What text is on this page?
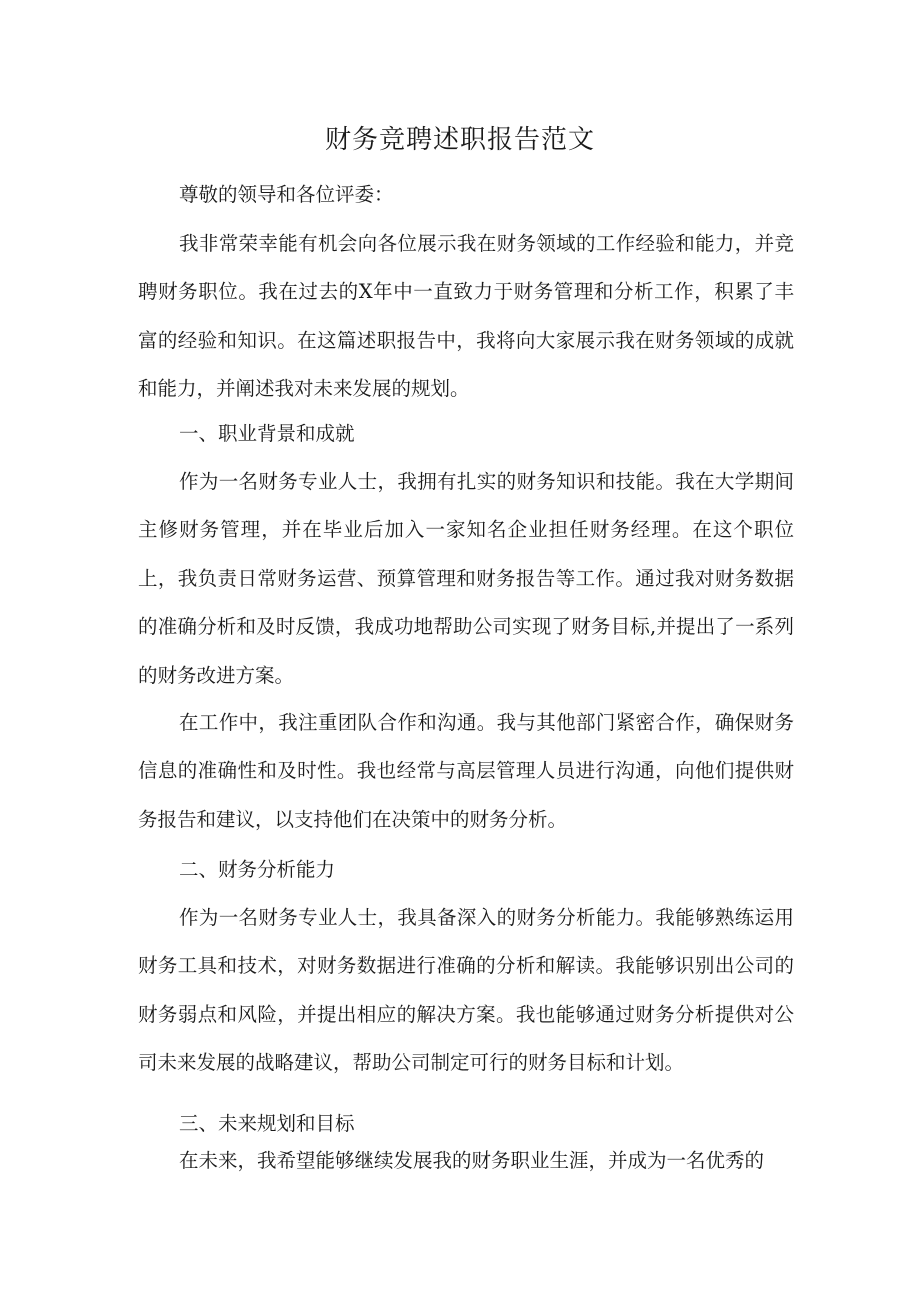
财务竞聘述职报告范文

尊敬的领导和各位评委：

我非常荣幸能有机会向各位展示我在财务领域的工作经验和能力，并竞聘财务职位。我在过去的X年中一直致力于财务管理和分析工作，积累了丰富的经验和知识。在这篇述职报告中，我将向大家展示我在财务领域的成就和能力，并阐述我对未来发展的规划。

一、职业背景和成就

作为一名财务专业人士，我拥有扎实的财务知识和技能。我在大学期间主修财务管理，并在毕业后加入一家知名企业担任财务经理。在这个职位上，我负责日常财务运营、预算管理和财务报告等工作。通过我对财务数据的准确分析和及时反馈，我成功地帮助公司实现了财务目标,并提出了一系列的财务改进方案。

在工作中，我注重团队合作和沟通。我与其他部门紧密合作，确保财务信息的准确性和及时性。我也经常与高层管理人员进行沟通，向他们提供财务报告和建议，以支持他们在决策中的财务分析。

二、财务分析能力

作为一名财务专业人士，我具备深入的财务分析能力。我能够熟练运用财务工具和技术，对财务数据进行准确的分析和解读。我能够识别出公司的财务弱点和风险，并提出相应的解决方案。我也能够通过财务分析提供对公司未来发展的战略建议，帮助公司制定可行的财务目标和计划。

三、未来规划和目标

在未来，我希望能够继续发展我的财务职业生涯，并成为一名优秀的
